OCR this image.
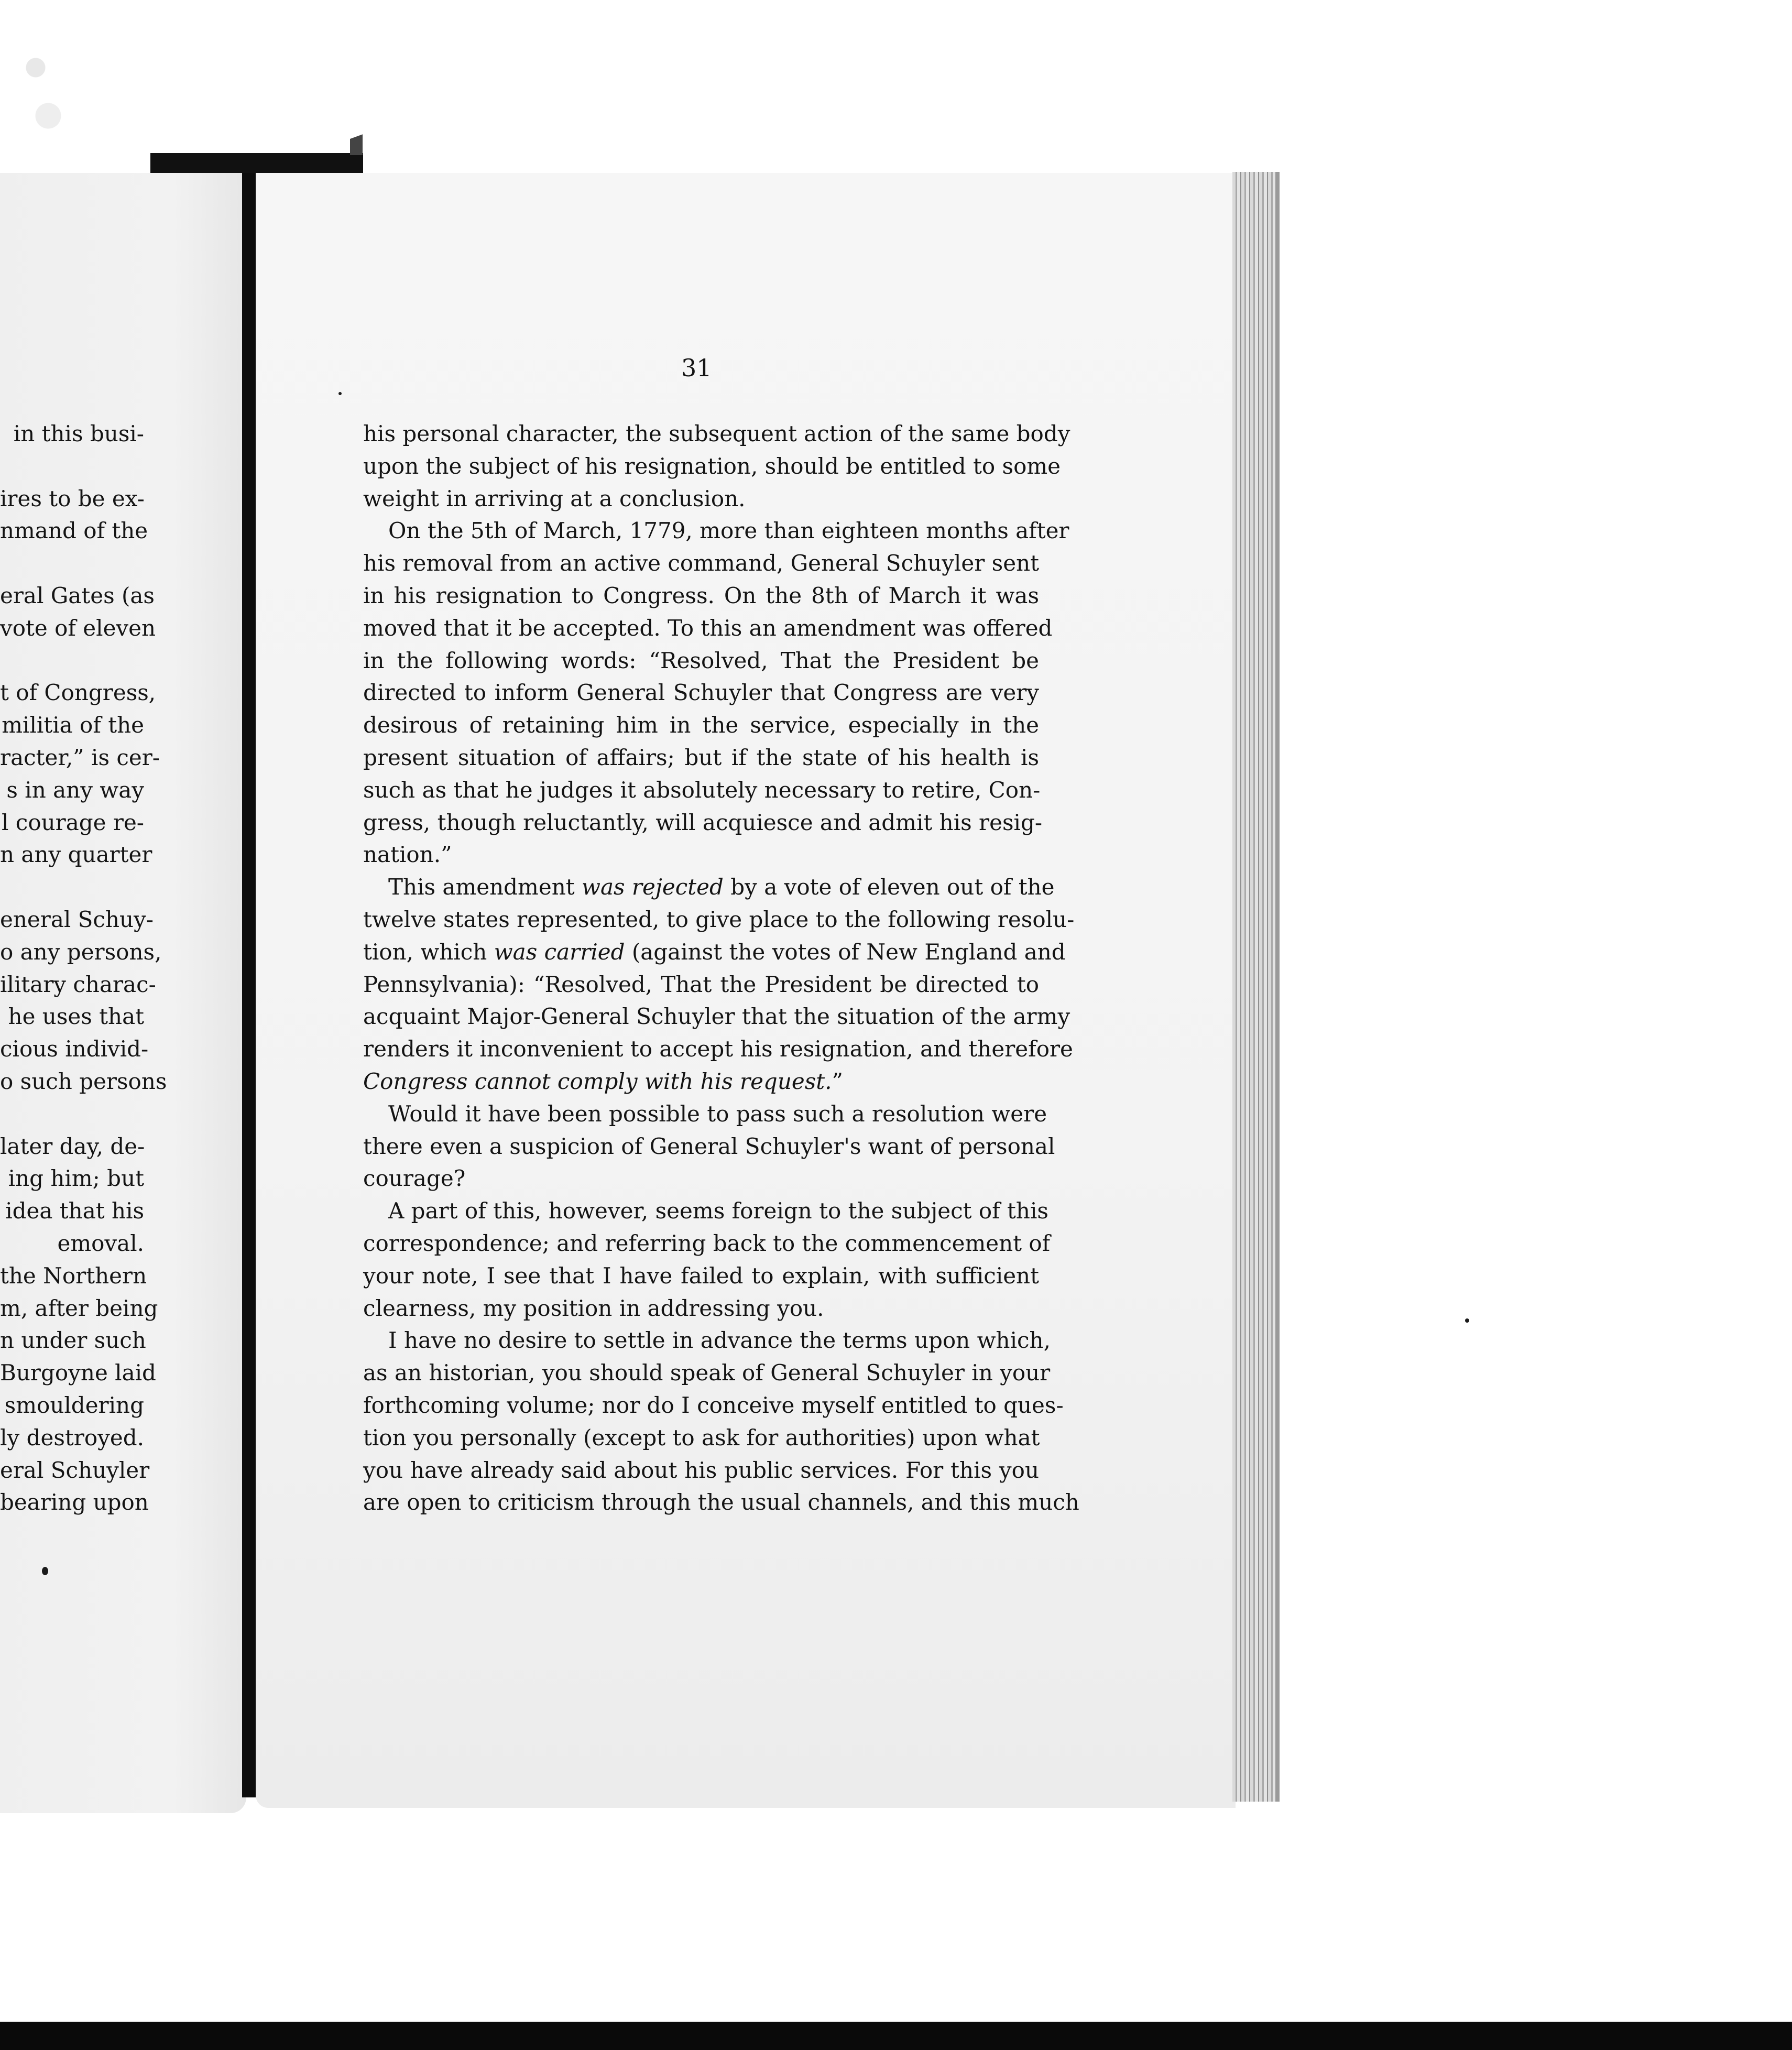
in this busi-
ires to be ex-
nmand of the
eral Gates (as
vote of eleven
t of Congress,
militia of the
racter,” is cer-
s in any way
l courage re-
n any quarter
eneral Schuy-
o any persons,
ilitary charac-
he uses that
cious individ-
o such persons
later day, de-
ing him; but
idea that his
emoval.
the Northern
m, after being
n under such
Burgoyne laid
smouldering
ly destroyed.
eral Schuyler
bearing upon

31

his personal character, the subsequent action of the same body
upon the subject of his resignation, should be entitled to some
weight in arriving at a conclusion.
On the 5th of March, 1779, more than eighteen months after
his removal from an active command, General Schuyler sent
in his resignation to Congress. On the 8th of March it was
moved that it be accepted. To this an amendment was offered
in the following words: “Resolved, That the President be
directed to inform General Schuyler that Congress are very
desirous of retaining him in the service, especially in the
present situation of affairs; but if the state of his health is
such as that he judges it absolutely necessary to retire, Con-
gress, though reluctantly, will acquiesce and admit his resig-
nation.”
This amendment was rejected by a vote of eleven out of the
twelve states represented, to give place to the following resolu-
tion, which was carried (against the votes of New England and
Pennsylvania): “Resolved, That the President be directed to
acquaint Major-General Schuyler that the situation of the army
renders it inconvenient to accept his resignation, and therefore
Congress cannot comply with his request.”
Would it have been possible to pass such a resolution were
there even a suspicion of General Schuyler's want of personal
courage?
A part of this, however, seems foreign to the subject of this
correspondence; and referring back to the commencement of
your note, I see that I have failed to explain, with sufficient
clearness, my position in addressing you.
I have no desire to settle in advance the terms upon which,
as an historian, you should speak of General Schuyler in your
forthcoming volume; nor do I conceive myself entitled to ques-
tion you personally (except to ask for authorities) upon what
you have already said about his public services. For this you
are open to criticism through the usual channels, and this much
